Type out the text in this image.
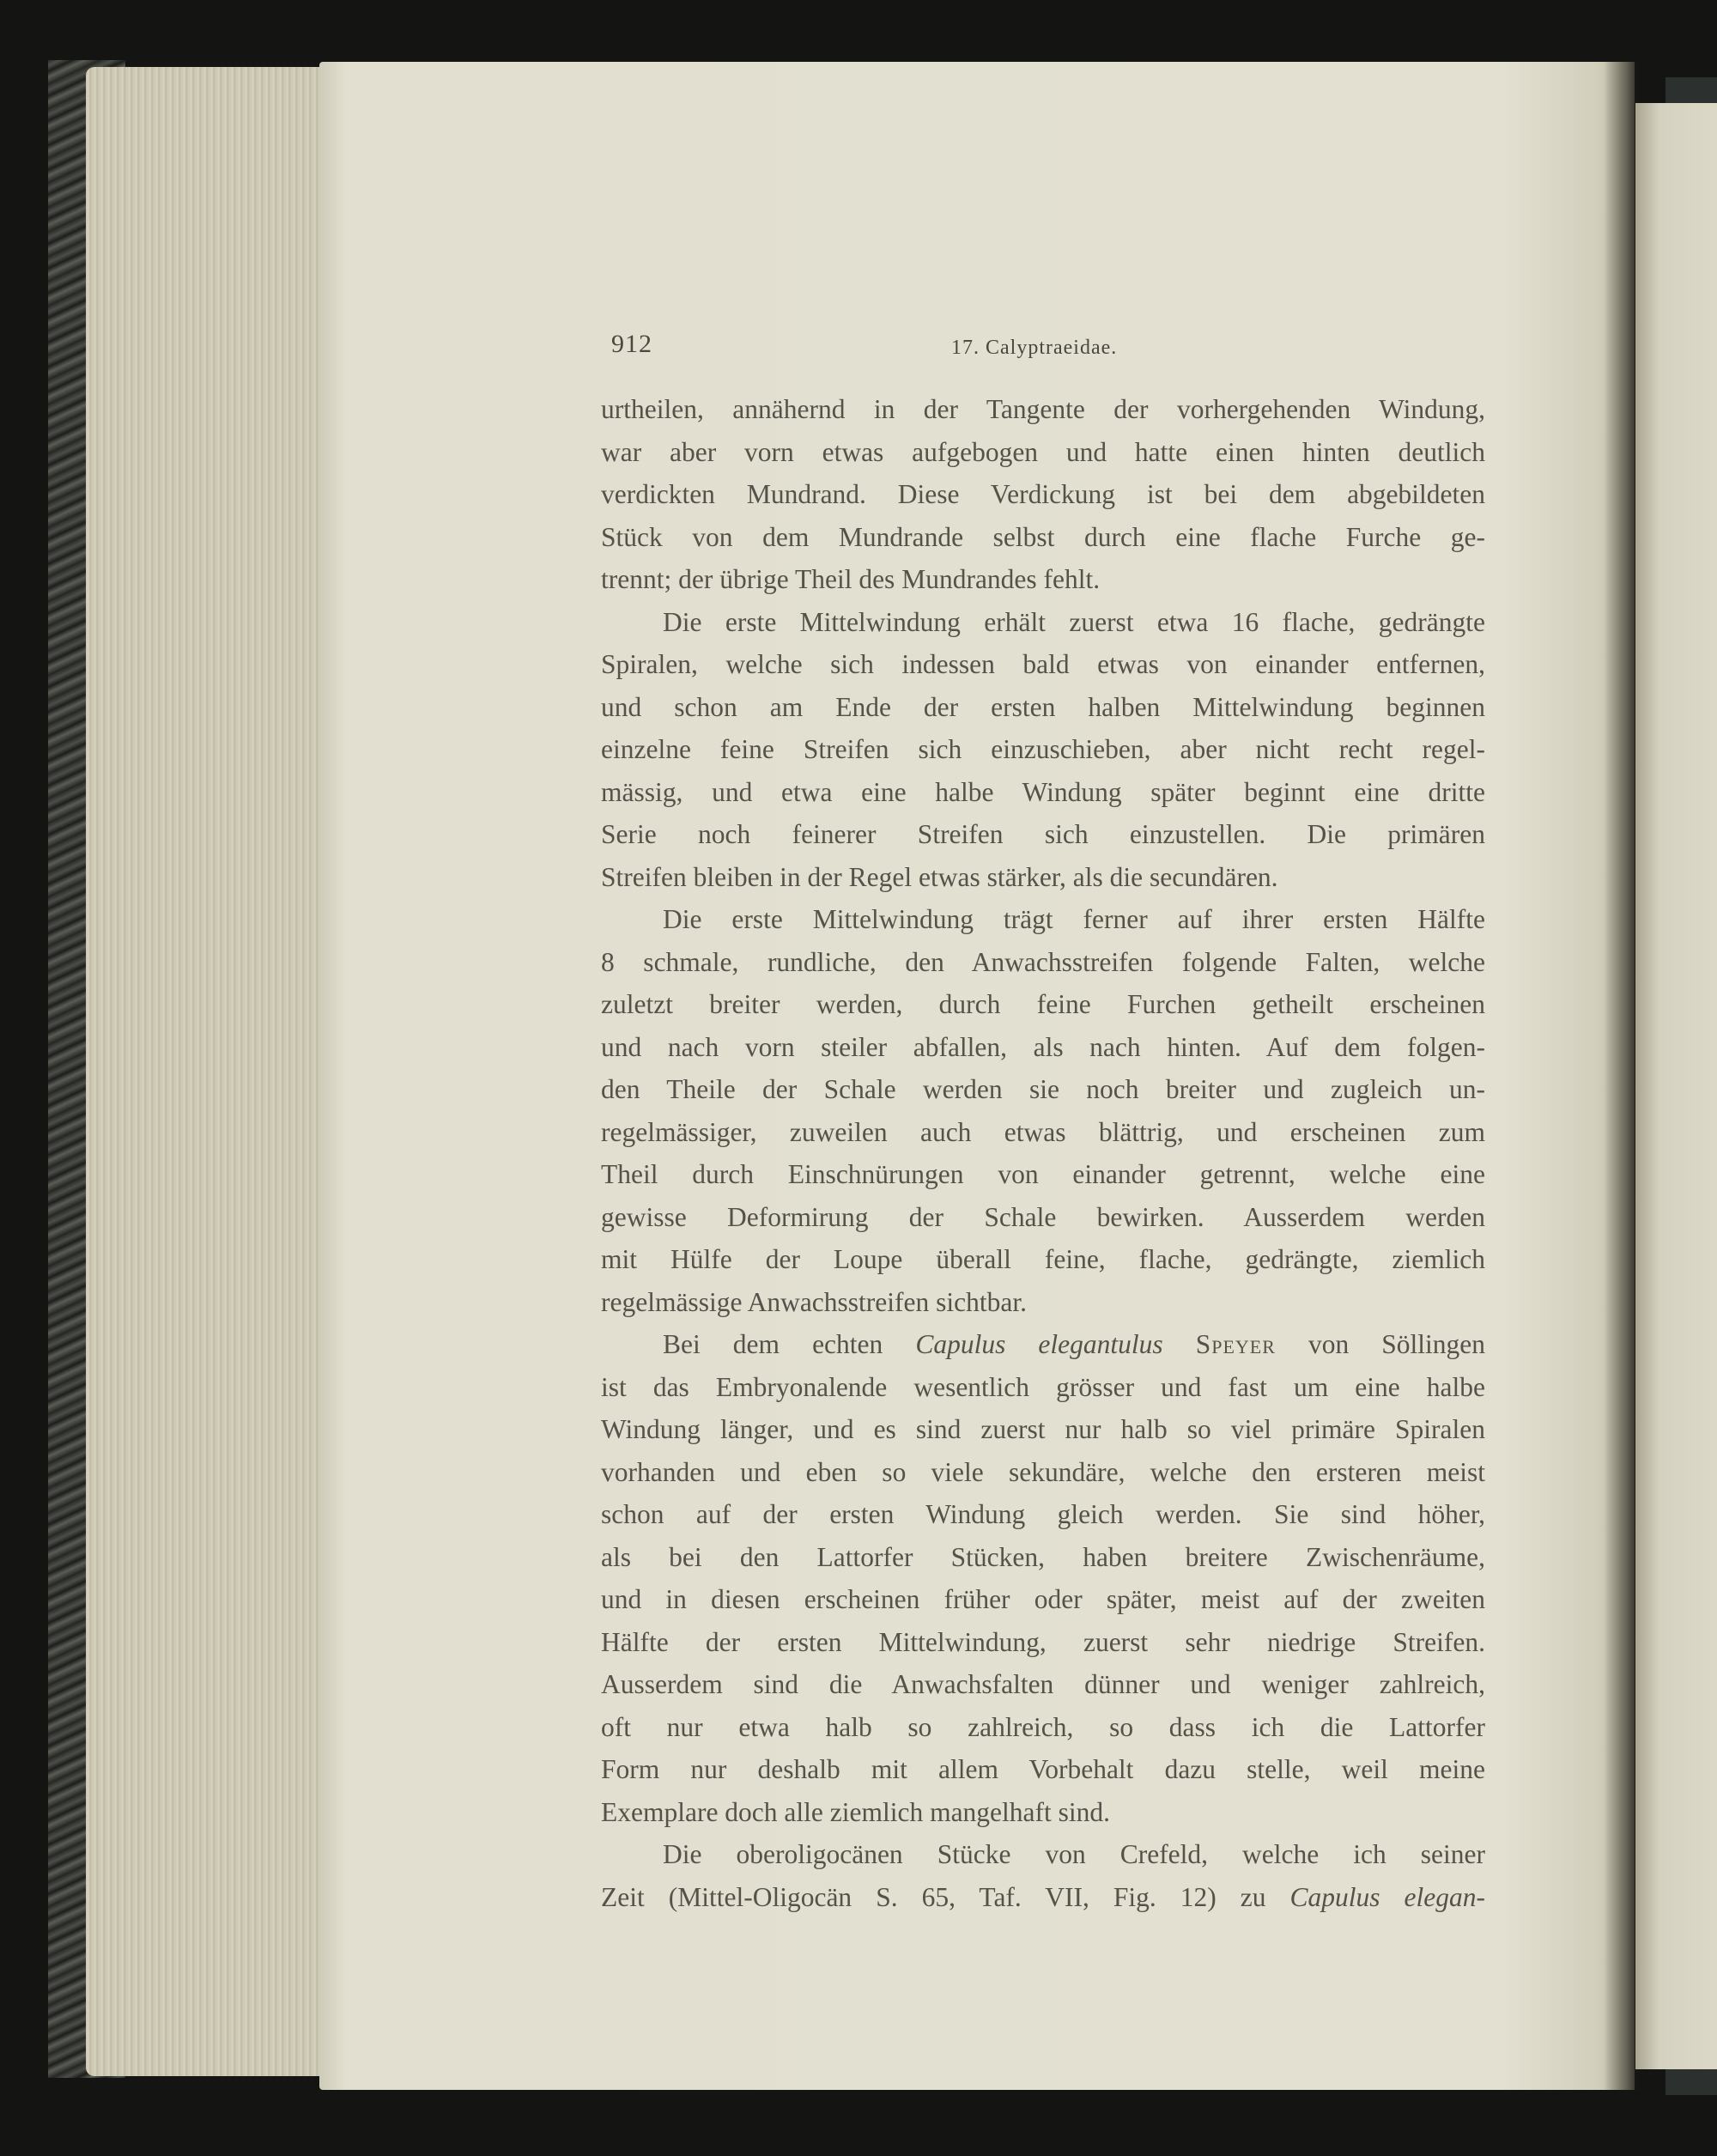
912	17. Calyptraeidae.
urtheilen, annähernd in der Tangente der vorhergehenden Windung,
war aber vorn etwas aufgebogen und hatte einen hinten deutlich
verdickten Mundrand. Diese Verdickung ist bei dem abgebildeten
Stück von dem Mundrande selbst durch eine flache Furche ge-
trennt; der übrige Theil des Mundrandes fehlt.
Die erste Mittelwindung erhält zuerst etwa 16 flache, gedrängte
Spiralen, welche sich indessen bald etwas von einander entfernen,
und schon am Ende der ersten halben Mittelwindung beginnen
einzelne feine Streifen sich einzuschieben, aber nicht recht regel-
mässig, und etwa eine halbe Windung später beginnt eine dritte
Serie noch feinerer Streifen sich einzustellen. Die primären
Streifen bleiben in der Regel etwas stärker, als die secundären.
Die erste Mittelwindung trägt ferner auf ihrer ersten Hälfte
8 schmale, rundliche, den Anwachsstreifen folgende Falten, welche
zuletzt breiter werden, durch feine Furchen getheilt erscheinen
und nach vorn steiler abfallen, als nach hinten. Auf dem folgen-
den Theile der Schale werden sie noch breiter und zugleich un-
regelmässiger, zuweilen auch etwas blättrig, und erscheinen zum
Theil durch Einschnürungen von einander getrennt, welche eine
gewisse Deformirung der Schale bewirken. Ausserdem werden
mit Hülfe der Loupe überall feine, flache, gedrängte, ziemlich
regelmässige Anwachsstreifen sichtbar.
Bei dem echten Capulus elegantulus Speyer von Söllingen
ist das Embryonalende wesentlich grösser und fast um eine halbe
Windung länger, und es sind zuerst nur halb so viel primäre Spiralen
vorhanden und eben so viele sekundäre, welche den ersteren meist
schon auf der ersten Windung gleich werden. Sie sind höher,
als bei den Lattorfer Stücken, haben breitere Zwischenräume,
und in diesen erscheinen früher oder später, meist auf der zweiten
Hälfte der ersten Mittelwindung, zuerst sehr niedrige Streifen.
Ausserdem sind die Anwachsfalten dünner und weniger zahlreich,
oft nur etwa halb so zahlreich, so dass ich die Lattorfer
Form nur deshalb mit allem Vorbehalt dazu stelle, weil meine
Exemplare doch alle ziemlich mangelhaft sind.
Die oberoligocänen Stücke von Crefeld, welche ich seiner
Zeit (Mittel-Oligocän S. 65, Taf. VII, Fig. 12) zu Capulus elegan-
